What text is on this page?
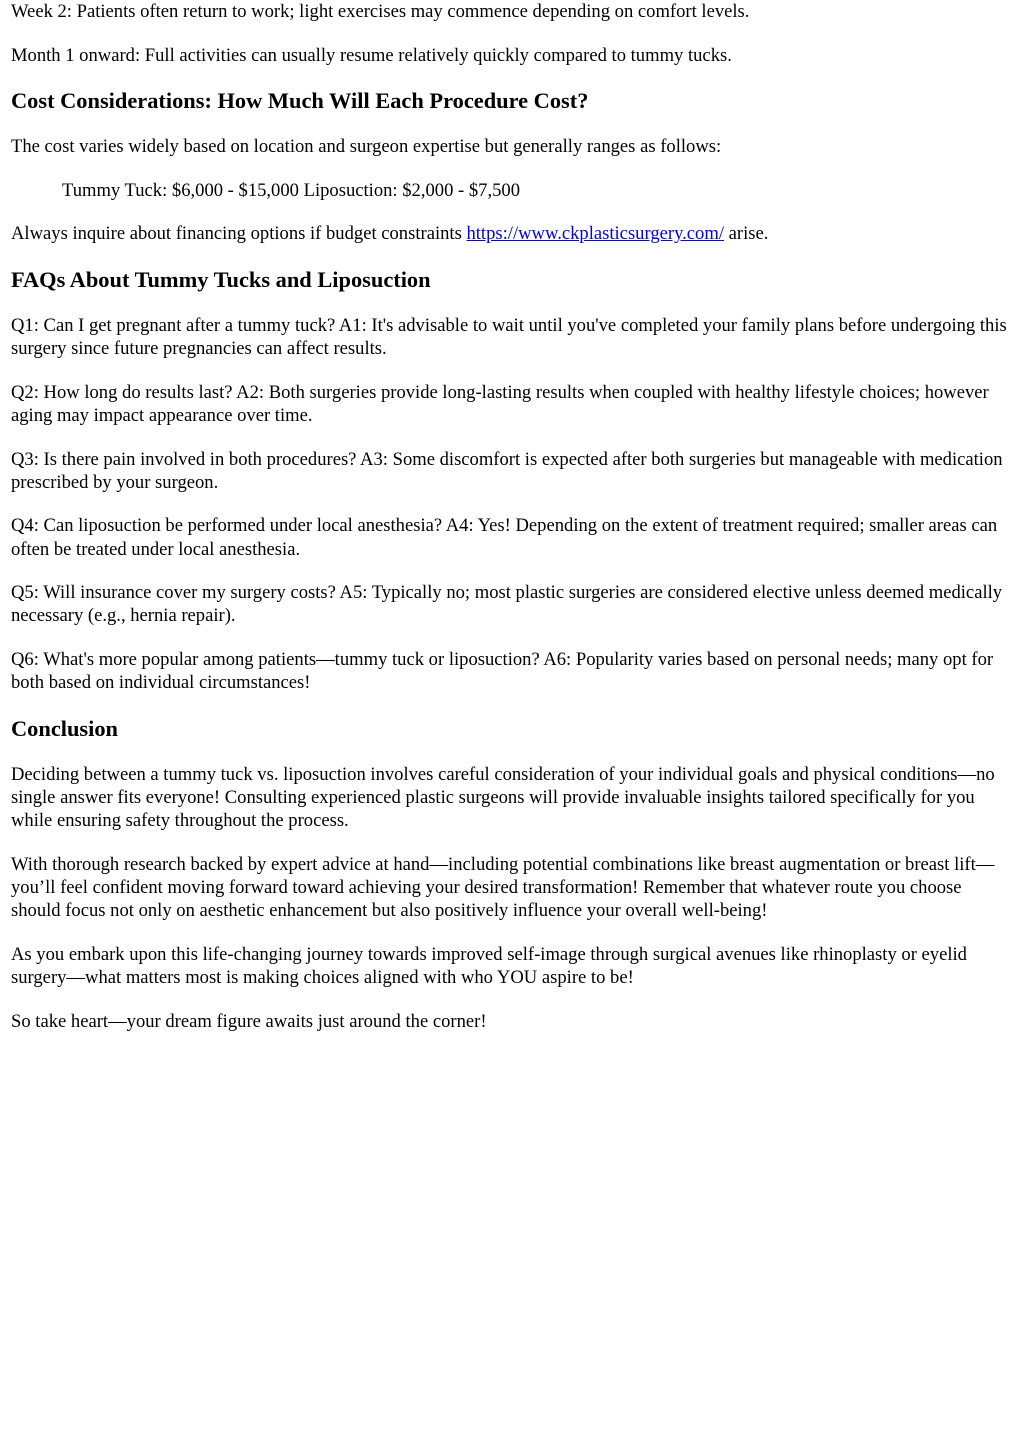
Week 2: Patients often return to work; light exercises may commence depending on comfort levels.

Month 1 onward: Full activities can usually resume relatively quickly compared to tummy tucks.

Cost Considerations: How Much Will Each Procedure Cost?

The cost varies widely based on location and surgeon expertise but generally ranges as follows:

Tummy Tuck: $6,000 - $15,000 Liposuction: $2,000 - $7,500

Always inquire about financing options if budget constraints https://www.ckplasticsurgery.com/ arise.

FAQs About Tummy Tucks and Liposuction

Q1: Can I get pregnant after a tummy tuck? A1: It's advisable to wait until you've completed your family plans before undergoing this surgery since future pregnancies can affect results.

Q2: How long do results last? A2: Both surgeries provide long-lasting results when coupled with healthy lifestyle choices; however aging may impact appearance over time.

Q3: Is there pain involved in both procedures? A3: Some discomfort is expected after both surgeries but manageable with medication prescribed by your surgeon.

Q4: Can liposuction be performed under local anesthesia? A4: Yes! Depending on the extent of treatment required; smaller areas can often be treated under local anesthesia.

Q5: Will insurance cover my surgery costs? A5: Typically no; most plastic surgeries are considered elective unless deemed medically necessary (e.g., hernia repair).

Q6: What's more popular among patients—tummy tuck or liposuction? A6: Popularity varies based on personal needs; many opt for both based on individual circumstances!

Conclusion

Deciding between a tummy tuck vs. liposuction involves careful consideration of your individual goals and physical conditions—no single answer fits everyone! Consulting experienced plastic surgeons will provide invaluable insights tailored specifically for you while ensuring safety throughout the process.

With thorough research backed by expert advice at hand—including potential combinations like breast augmentation or breast lift—you’ll feel confident moving forward toward achieving your desired transformation! Remember that whatever route you choose should focus not only on aesthetic enhancement but also positively influence your overall well-being!

As you embark upon this life-changing journey towards improved self-image through surgical avenues like rhinoplasty or eyelid surgery—what matters most is making choices aligned with who YOU aspire to be!

So take heart—your dream figure awaits just around the corner!
